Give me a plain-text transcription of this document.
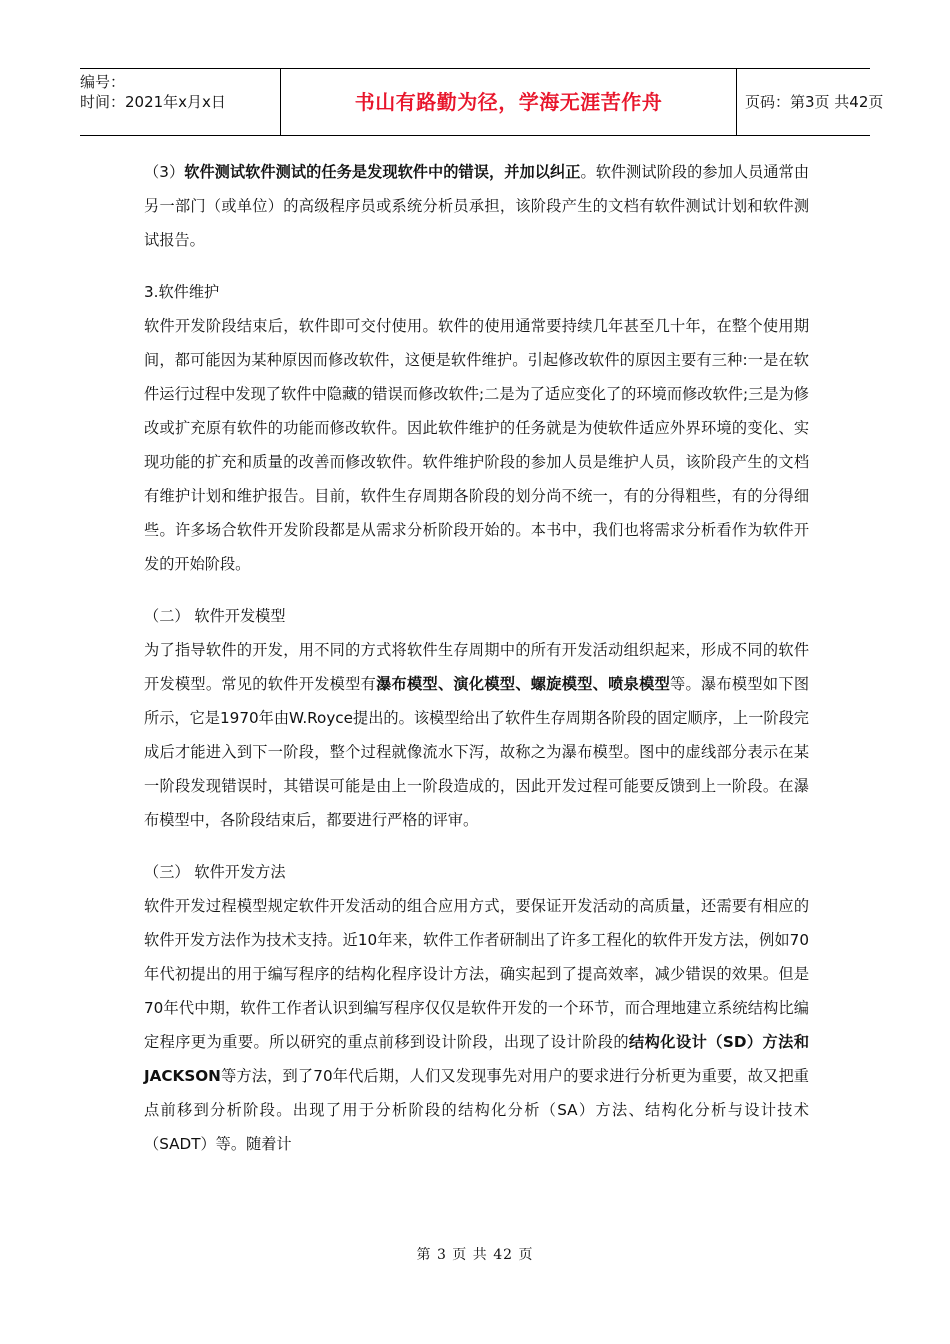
编号：
时间：2021年x月x日	书山有路勤为径，学海无涯苦作舟	页码：第3页 共42页

（3）软件测试软件测试的任务是发现软件中的错误，并加以纠正。软件测试阶段的参加人员通常由另一部门（或单位）的高级程序员或系统分析员承担，该阶段产生的文档有软件测试计划和软件测试报告。

3.软件维护

软件开发阶段结束后，软件即可交付使用。软件的使用通常要持续几年甚至几十年，在整个使用期间，都可能因为某种原因而修改软件，这便是软件维护。引起修改软件的原因主要有三种:一是在软件运行过程中发现了软件中隐藏的错误而修改软件;二是为了适应变化了的环境而修改软件;三是为修改或扩充原有软件的功能而修改软件。因此软件维护的任务就是为使软件适应外界环境的变化、实现功能的扩充和质量的改善而修改软件。软件维护阶段的参加人员是维护人员，该阶段产生的文档有维护计划和维护报告。目前，软件生存周期各阶段的划分尚不统一，有的分得粗些，有的分得细些。许多场合软件开发阶段都是从需求分析阶段开始的。本书中，我们也将需求分析看作为软件开发的开始阶段。

（二） 软件开发模型

为了指导软件的开发，用不同的方式将软件生存周期中的所有开发活动组织起来，形成不同的软件开发模型。常见的软件开发模型有瀑布模型、演化模型、螺旋模型、喷泉模型等。瀑布模型如下图所示，它是1970年由W.Royce提出的。该模型给出了软件生存周期各阶段的固定顺序，上一阶段完成后才能进入到下一阶段，整个过程就像流水下泻，故称之为瀑布模型。图中的虚线部分表示在某一阶段发现错误时，其错误可能是由上一阶段造成的，因此开发过程可能要反馈到上一阶段。在瀑布模型中，各阶段结束后，都要进行严格的评审。

（三） 软件开发方法

软件开发过程模型规定软件开发活动的组合应用方式，要保证开发活动的高质量，还需要有相应的软件开发方法作为技术支持。近10年来，软件工作者研制出了许多工程化的软件开发方法，例如70年代初提出的用于编写程序的结构化程序设计方法，确实起到了提高效率，减少错误的效果。但是70年代中期，软件工作者认识到编写程序仅仅是软件开发的一个环节，而合理地建立系统结构比编定程序更为重要。所以研究的重点前移到设计阶段，出现了设计阶段的结构化设计（SD）方法和JACKSON等方法，到了70年代后期，人们又发现事先对用户的要求进行分析更为重要，故又把重点前移到分析阶段。出现了用于分析阶段的结构化分析（SA）方法、结构化分析与设计技术（SADT）等。随着计

第 3 页 共 42 页
